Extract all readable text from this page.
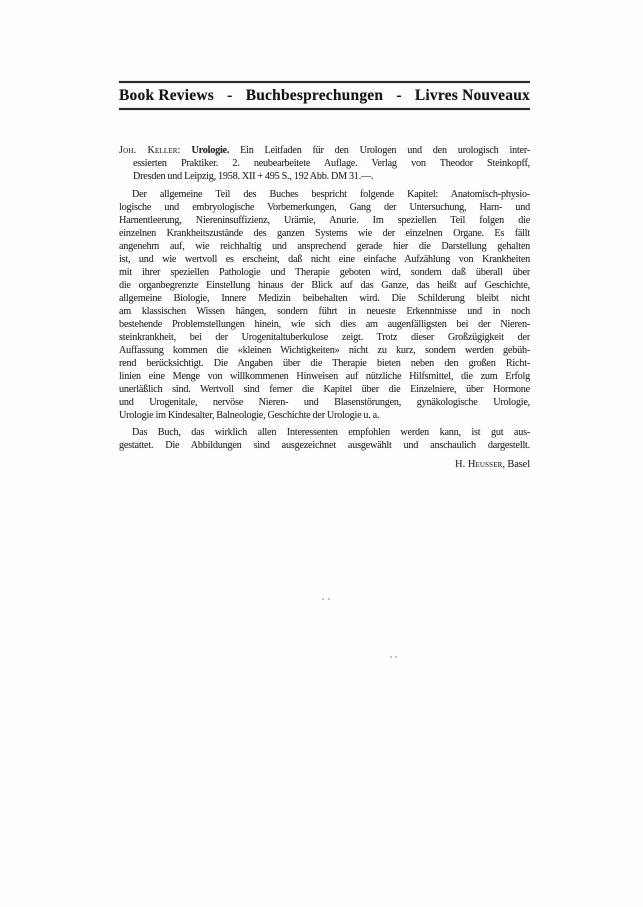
Book Reviews - Buchbesprechungen - Livres Nouveaux
Joh. Keller: Urologie. Ein Leitfaden für den Urologen und den urologisch inter-
essierten Praktiker. 2. neubearbeitete Auflage. Verlag von Theodor Steinkopff,
Dresden und Leipzig, 1958. XII + 495 S., 192 Abb. DM 31.—.
Der allgemeine Teil des Buches bespricht folgende Kapitel: Anatomisch-physio-
logische und embryologische Vorbemerkungen, Gang der Untersuchung, Harn- und
Harnentleerung, Niereninsuffizienz, Urämie, Anurie. Im speziellen Teil folgen die
einzelnen Krankheitszustände des ganzen Systems wie der einzelnen Organe. Es fällt
angenehm auf, wie reichhaltig und ansprechend gerade hier die Darstellung gehalten
ist, und wie wertvoll es erscheint, daß nicht eine einfache Aufzählung von Krankheiten
mit ihrer speziellen Pathologie und Therapie geboten wird, sondern daß überall über
die organbegrenzte Einstellung hinaus der Blick auf das Ganze, das heißt auf Geschichte,
allgemeine Biologie, Innere Medizin beibehalten wird. Die Schilderung bleibt nicht
am klassischen Wissen hängen, sondern führt in neueste Erkenntnisse und in noch
bestehende Problemstellungen hinein, wie sich dies am augenfälligsten bei der Nieren-
steinkrankheit, bei der Urogenitaltuberkulose zeigt. Trotz dieser Großzügigkeit der
Auffassung kommen die «kleinen Wichtigkeiten» nicht zu kurz, sondern werden gebüh-
rend berücksichtigt. Die Angaben über die Therapie bieten neben den großen Richt-
linien eine Menge von willkommenen Hinweisen auf nützliche Hilfsmittel, die zum Erfolg
unerläßlich sind. Wertvoll sind ferner die Kapitel über die Einzelniere, über Hormone
und Urogenitale, nervöse Nieren- und Blasenstörungen, gynäkologische Urologie,
Urologie im Kindesalter, Balneologie, Geschichte der Urologie u. a.
Das Buch, das wirklich allen Interessenten empfohlen werden kann, ist gut aus-
gestattet. Die Abbildungen sind ausgezeichnet ausgewählt und anschaulich dargestellt.
H. Heusser, Basel
